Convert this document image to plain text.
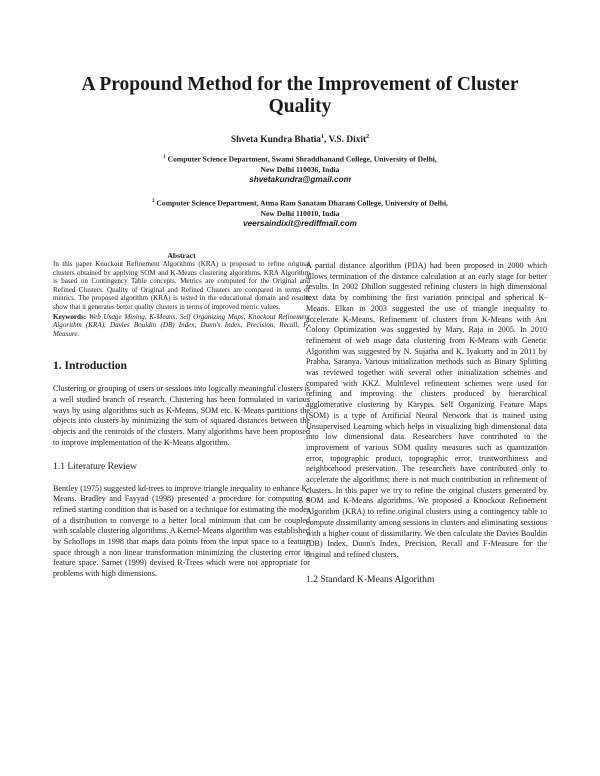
A Propound Method for the Improvement of Cluster Quality
Shveta Kundra Bhatia$^1$, V.S. Dixit$^2$
$^1$ Computer Science Department, Swami Shraddhanand College, University of Delhi,
New Delhi 110036, India
shvetakundra@gmail.com
$^2$ Computer Science Department, Atma Ram Sanatam Dharam College, University of Delhi,
New Delhi 110010, India
veersaindixit@rediffmail.com
Abstract

In this paper Knockout Refinement Algorithms (KRA) is proposed to refine original clusters obtained by applying SOM and K-Means clustering algorithms. KRA Algorithm is based on Contingency Table concepts. Metrics are computed for the Original and Refined Clusters. Quality of Original and Refined Clusters are compared in terms of metrics. The proposed algorithm (KRA) is tested in the educational domain and results show that it generates better quality clusters in terms of improved metric values.

Keywords: Web Usage Mining, K-Means, Self Organizing Maps, Knockout Refinement Algorithm (KRA), Davies Bouldin (DB) Index, Dunn's Index, Precision, Recall, F-Measure.

1. Introduction

Clustering or grouping of users or sessions into logically meaningful clusters is a well studied branch of research. Clustering has been formulated in various ways by using algorithms such as K-Means, SOM etc. K-Means partitions the objects into clusters by minimizing the sum of squared distances between the objects and the centroids of the clusters. Many algorithms have been proposed to improve implementation of the K-Means algorithm.

1.1 Literature Review

Bentley (1975) suggested kd-trees to improve triangle inequality to enhance K-Means. Bradley and Fayyad (1998) presented a procedure for computing a refined starting condition that is based on a technique for estimating the modes of a distribution to converge to a better local minimum that can be coupled with scalable clustering algorithms. A Kernel-Means algorithm was established by Schollops in 1998 that maps data points from the input space to a feature space through a non linear transformation minimizing the clustering error in feature space. Sarnet (1999) devised R-Trees which were not appropriate for problems with high dimensions.

A partial distance algorithm (PDA) had been proposed in 2000 which allows termination of the distance calculation at an early stage for better results. In 2002 Dhillon suggested refining clusters in high dimensional text data by combining the first variation principal and spherical K-Means. Elkan in 2003 suggested the use of triangle inequality to accelerate K-Means. Refinement of clusters from K-Means with Ant Colony Optimization was suggested by Mary, Raja in 2005. In 2010 refinement of web usage data clustering from K-Means with Genetic Algorithm was suggested by N. Sujatha and K. Iyakutty and in 2011 by Prabha, Saranya. Various initialization methods such as Binary Splitting was reviewed together with several other initialization schemes and compared with KKZ. Multilevel refinement schemes were used for refining and improving the clusters produced by hierarchical agglomerative clustering by Karypis. Self Organizing Feature Maps (SOM) is a type of Artificial Neural Network that is trained using Unsupervised Learning which helps in visualizing high dimensional data into low dimensional data. Researchers have contributed to the improvement of various SOM quality measures such as quantization error, topographic product, topographic error, trustworthiness and neighborhood preservation. The researchers have contributed only to accelerate the algorithms; there is not much contribution in refinement of clusters. In this paper we try to refine the original clusters generated by SOM and K-Means algorithms. We proposed a Knockout Refinement Algorithm (KRA) to refine original clusters using a contingency table to compute dissimilarity among sessions in clusters and eliminating sessions with a higher count of dissimilarity. We then calculate the Davies Bouldin (DB) Index, Dunn's Index, Precision, Recall and F-Measure for the original and refined clusters.

1.2 Standard K-Means Algorithm
